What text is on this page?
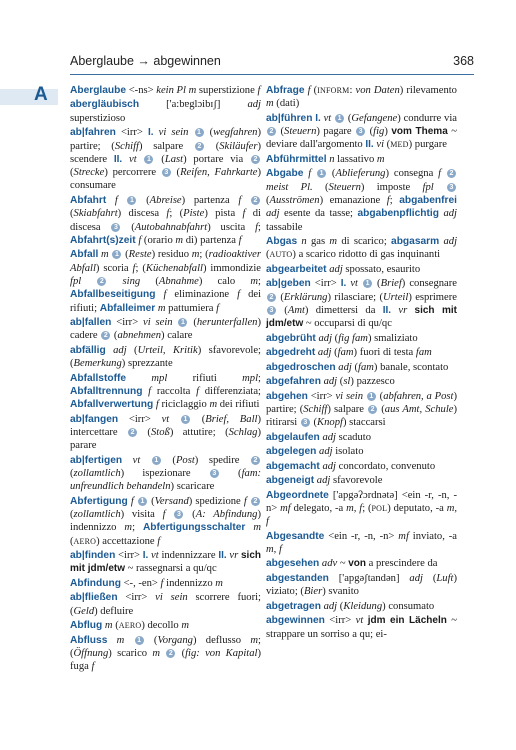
Aberglaube → abgewinnen	368
A Aberglaube <-ns> kein Pl m superstizione f
abergläubisch ['a:bɐglɔibɪʃ] adj superstizioso
ab|fahren <irr> I. vi sein 1 (wegfahren) partire; (Schiff) salpare 2 (Skiläufer) scendere II. vt 1 (Last) portare via 2 (Strecke) percorrere 3 (Reifen, Fahrkarte) consumare
Abfahrt f 1 (Abreise) partenza f 2 (Skiabfahrt) discesa f; (Piste) pista f di discesa 3 (Autobahnabfahrt) uscita f; Abfahrt(s)zeit f (orario m di) partenza f
Abfall m 1 (Reste) residuo m; (radioaktiver Abfall) scoria f; (Küchenabfall) immondizie fpl	2 sing (Abnahme) calo m; Abfallbeseitigung f eliminazione f dei rifiuti; Abfalleimer m pattumiera f
ab|fallen <irr> vi sein 1 (herunterfallen) cadere 2 (abnehmen) calare
abfällig adj (Urteil, Kritik) sfavorevole; (Bemerkung) sprezzante
Abfallstoffe mpl rifiuti mpl; Abfalltrennung f raccolta f differenziata; Abfallverwertung f riciclaggio m dei rifiuti
ab|fangen <irr> vt 1 (Brief, Ball) intercettare 2 (Stoß) attutire; (Schlag) parare
ab|fertigen vt 1 (Post) spedire 2 (zollamtlich) ispezionare 3 (fam: unfreundlich behandeln) scaricare
Abfertigung f 1 (Versand) spedizione f 2 (zollamtlich) visita f 3 (A: Abfindung) indennizzo m; Abfertigungsschalter m (AERO) accettazione f
ab|finden <irr> I. vt indennizzare II. vr sich mit jdm/etw ~ rassegnarsi a qu/qc
Abfindung <-, -en> f indennizzo m
ab|fließen <irr> vi sein scorrere fuori; (Geld) defluire
Abflug m (AERO) decollo m
Abfluss m 1 (Vorgang) deflusso m; (Öffnung) scarico m 2 (fig: von Kapital) fuga f
Abfrage f (INFORM: von Daten) rilevamento m (dati)
ab|führen I. vt 1 (Gefangene) condurre via 2 (Steuern) pagare 3 (fig) vom Thema ~ deviare dall'argomento II. vi (MED) purgare
Abführmittel n lassativo m
Abgabe f 1 (Ablieferung) consegna f 2 meist Pl. (Steuern) imposte fpl 3 (Ausströmen) emanazione f; abgabenfrei adj esente da tasse; abgabenpflichtig adj tassabile
Abgas n gas m di scarico; abgasarm adj (AUTO) a scarico ridotto di gas inquinanti
abgearbeitet adj spossato, esaurito
ab|geben <irr> I. vt 1 (Brief) consegnare 2 (Erklärung) rilasciare; (Urteil) esprimere 3 (Amt) dimettersi da II. vr sich mit jdm/etw ~ occuparsi di qu/qc
abgebrüht adj (fig fam) smaliziato
abgedreht adj (fam) fuori di testa fam
abgedroschen adj (fam) banale, scontato
abgefahren adj (sl) pazzesco
abgehen <irr> vi sein 1 (abfahren, a Post) partire; (Schiff) salpare 2 (aus Amt, Schule) ritirarsi 3 (Knopf) staccarsi
abgelaufen adj scaduto
abgelegen adj isolato
abgemacht adj concordato, convenuto
abgeneigt adj sfavorevole
Abgeordnete ['apgəʔɔrdnətə] <ein -r, -n, -n> mf delegato, -a m, f; (POL) deputato, -a m, f
Abgesandte <ein -r, -n, -n> mf inviato, -a m, f
abgesehen adv ~ von a prescindere da
abgestanden ['apgəʃtandən] adj (Luft) viziato; (Bier) svanito
abgetragen adj (Kleidung) consumato
abgewinnen <irr> vt jdm ein Lächeln ~ strappare un sorriso a qu; ei-
